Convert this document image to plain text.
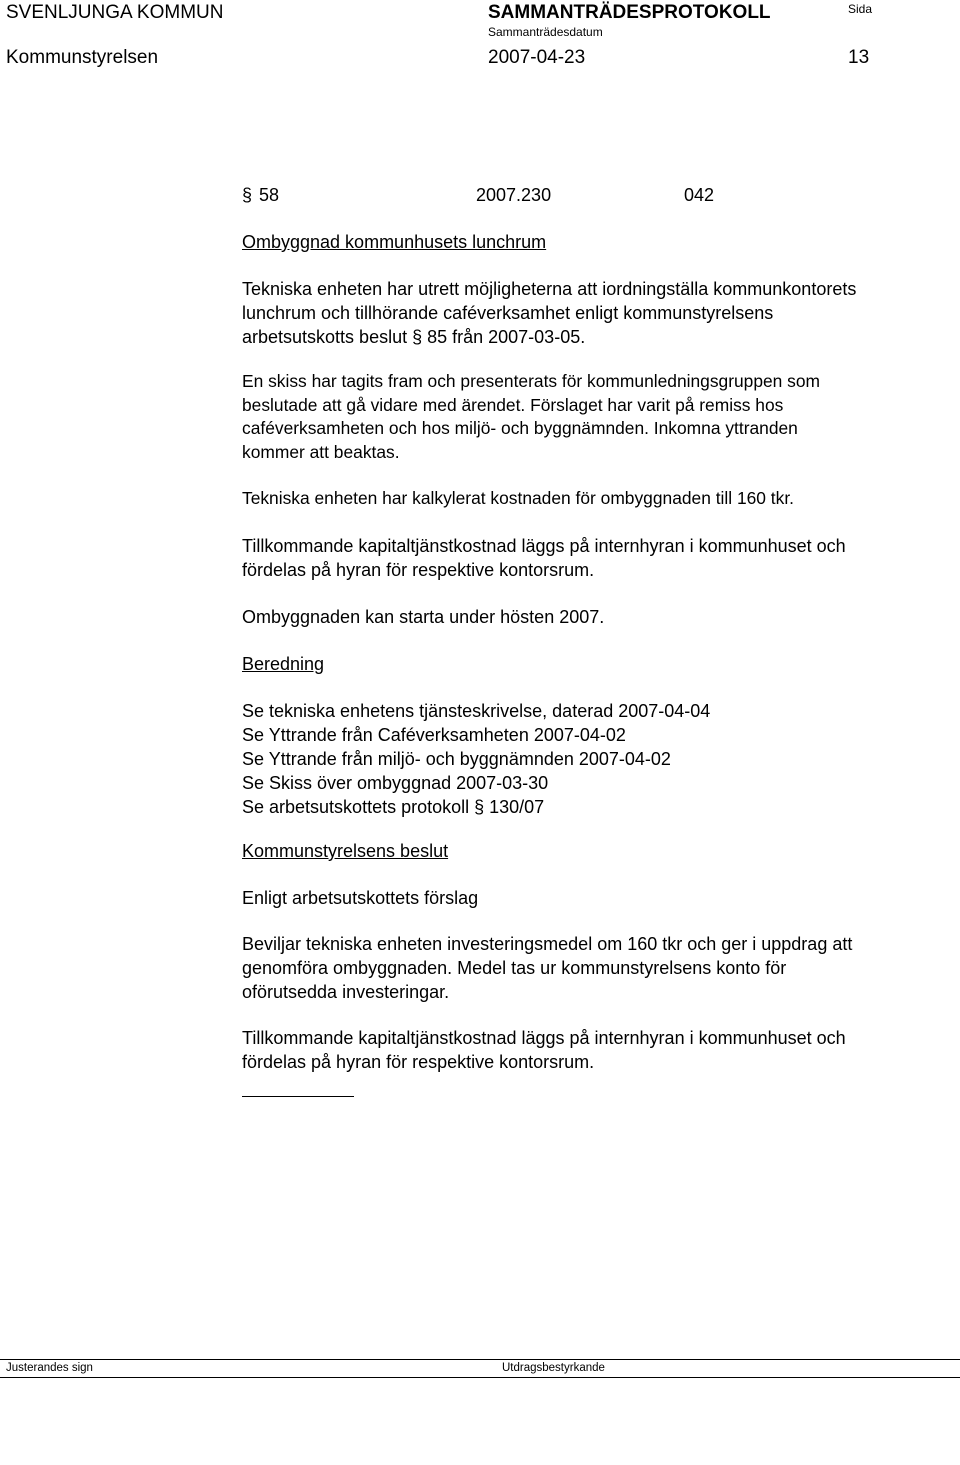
SVENLJUNGA KOMMUN	SAMMANTRÄDESPROTOKOLL	Sida
Sammanträdesdatum
Kommunstyrelsen	2007-04-23	13
§ 58	2007.230	042
Ombyggnad kommunhusets lunchrum
Tekniska enheten har utrett möjligheterna att iordningställa kommunkontorets
lunchrum och tillhörande caféverksamhet enligt kommunstyrelsens
arbetsutskotts beslut § 85 från 2007-03-05.
En skiss har tagits fram och presenterats för kommunledningsgruppen som
beslutade att gå vidare med ärendet. Förslaget har varit på remiss hos
caféverksamheten och hos miljö- och byggnämnden. Inkomna yttranden
kommer att beaktas.
Tekniska enheten har kalkylerat kostnaden för ombyggnaden till 160 tkr.
Tillkommande kapitaltjänstkostnad läggs på internhyran i kommunhuset och
fördelas på hyran för respektive kontorsrum.
Ombyggnaden kan starta under hösten 2007.
Beredning
Se tekniska enhetens tjänsteskrivelse, daterad 2007-04-04
Se Yttrande från Caféverksamheten 2007-04-02
Se Yttrande från miljö- och byggnämnden 2007-04-02
Se Skiss över ombyggnad 2007-03-30
Se arbetsutskottets protokoll § 130/07
Kommunstyrelsens beslut
Enligt arbetsutskottets förslag
Beviljar tekniska enheten investeringsmedel om 160 tkr och ger i uppdrag att
genomföra ombyggnaden. Medel tas ur kommunstyrelsens konto för
oförutsedda investeringar.
Tillkommande kapitaltjänstkostnad läggs på internhyran i kommunhuset och
fördelas på hyran för respektive kontorsrum.
Justerandes sign	Utdragsbestyrkande
